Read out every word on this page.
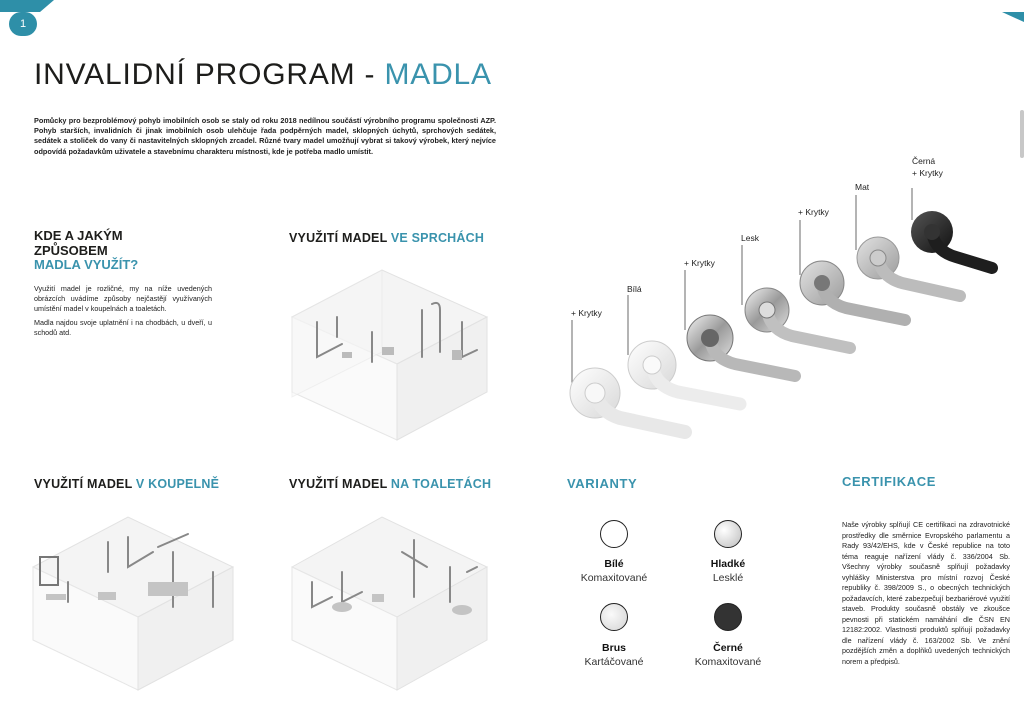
1
INVALIDNÍ PROGRAM - MADLA
Pomůcky pro bezproblémový pohyb imobilních osob se staly od roku 2018 nedílnou součástí výrobního programu společnosti AZP. Pohyb starších, invalidních či jinak imobilních osob ulehčuje řada podpěrných madel, sklopných úchytů, sprchových sedátek, sedátek a stoliček do vany či nastavitelných sklopných zrcadel. Různé tvary madel umožňují vybrat si takový výrobek, který nejvíce odpovídá požadavkům uživatele a stavebnímu charakteru místnosti, kde je potřeba madlo umístit.
KDE A JAKÝM
ZPŮSOBEM
MADLA VYUŽÍT?
Využití madel je rozličné, my na níže uvedených obrázcích uvádíme způsoby nejčastějí využívaných umístění madel v koupelnách a toaletách.
Madla najdou svoje uplatnění i na chodbách, u dveří, u schodů atd.
VYUŽITÍ MADEL VE SPRCHÁCH
VYUŽITÍ MADEL V KOUPELNĚ	VYUŽITÍ MADEL NA TOALETÁCH
+ Krytky
Bílá
+ Krytky
Lesk
+ Krytky
Mat
Černá
+ Krytky
VARIANTY
Bílé
Komaxitované
Hladké
Lesklé
Brus
Kartáčované
Černé
Komaxitované
CERTIFIKACE
Naše výrobky splňují CE certifikaci na zdravotnické prostředky dle směrnice Evropského parlamentu a Rady 93/42/EHS, kde v České republice na toto téma reaguje nařízení vlády č. 336/2004 Sb. Všechny výrobky současně splňují požadavky vyhlášky Ministerstva pro místní rozvoj České republiky č. 398/2009 S., o obecných technických požadavcích, které zabezpečují bezbariérové využití staveb. Produkty současně obstály ve zkoušce pevnosti při statickém namáhání dle ČSN EN 12182:2002. Vlastnosti produktů splňují požadavky dle nařízení vlády č. 163/2002 Sb. Ve znění pozdějších změn a doplňků uvedených technických norem a předpisů.
